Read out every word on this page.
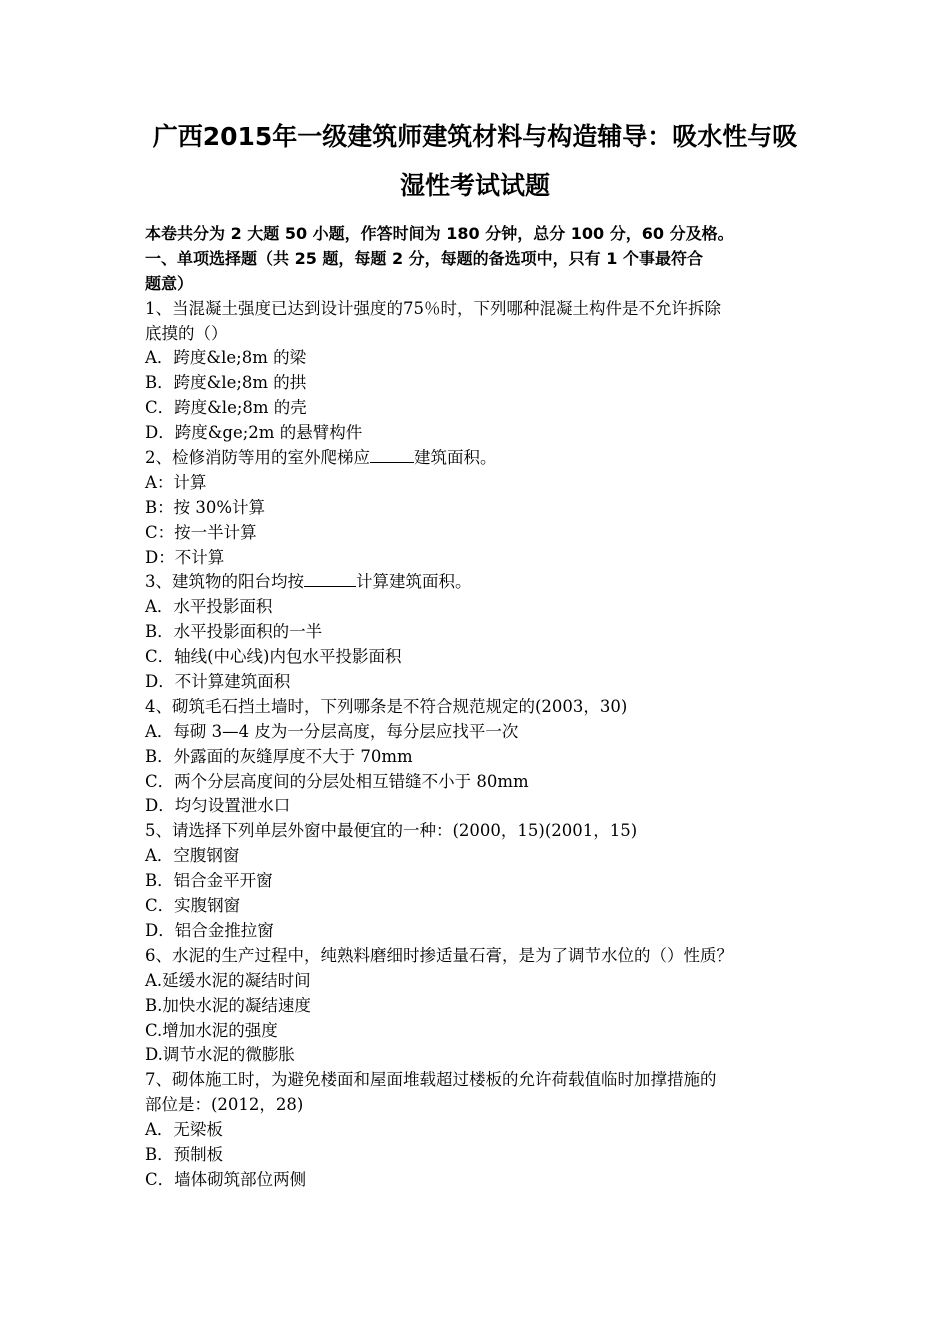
广西2015年一级建筑师建筑材料与构造辅导：吸水性与吸
湿性考试试题
本卷共分为 2 大题 50 小题，作答时间为 180 分钟，总分 100 分，60 分及格。
一、单项选择题（共 25 题，每题 2 分，每题的备选项中，只有 1 个事最符合
题意）
1、当混凝土强度已达到设计强度的75％时，下列哪种混凝土构件是不允许拆除
底摸的（）
A．跨度&le;8m 的梁
B．跨度&le;8m 的拱
C．跨度&le;8m 的壳
D．跨度&ge;2m 的悬臂构件
2、检修消防等用的室外爬梯应	建筑面积。
A：计算
B：按 30%计算
C：按一半计算
D：不计算
3、建筑物的阳台均按	计算建筑面积。
A．水平投影面积
B．水平投影面积的一半
C．轴线(中心线)内包水平投影面积
D．不计算建筑面积
4、砌筑毛石挡土墙时，下列哪条是不符合规范规定的(2003，30)
A．每砌 3—4 皮为一分层高度，每分层应找平一次
B．外露面的灰缝厚度不大于 70mm
C．两个分层高度间的分层处相互错缝不小于 80mm
D．均匀设置泄水口
5、请选择下列单层外窗中最便宜的一种：(2000，15)(2001，15)
A．空腹钢窗
B．铝合金平开窗
C．实腹钢窗
D．铝合金推拉窗
6、水泥的生产过程中，纯熟料磨细时掺适量石膏，是为了调节水位的（）性质？
A.延缓水泥的凝结时间
B.加快水泥的凝结速度
C.增加水泥的强度
D.调节水泥的微膨胀
7、砌体施工时，为避免楼面和屋面堆载超过楼板的允许荷载值临时加撑措施的
部位是：(2012，28)
A．无梁板
B．预制板
C．墙体砌筑部位两侧
